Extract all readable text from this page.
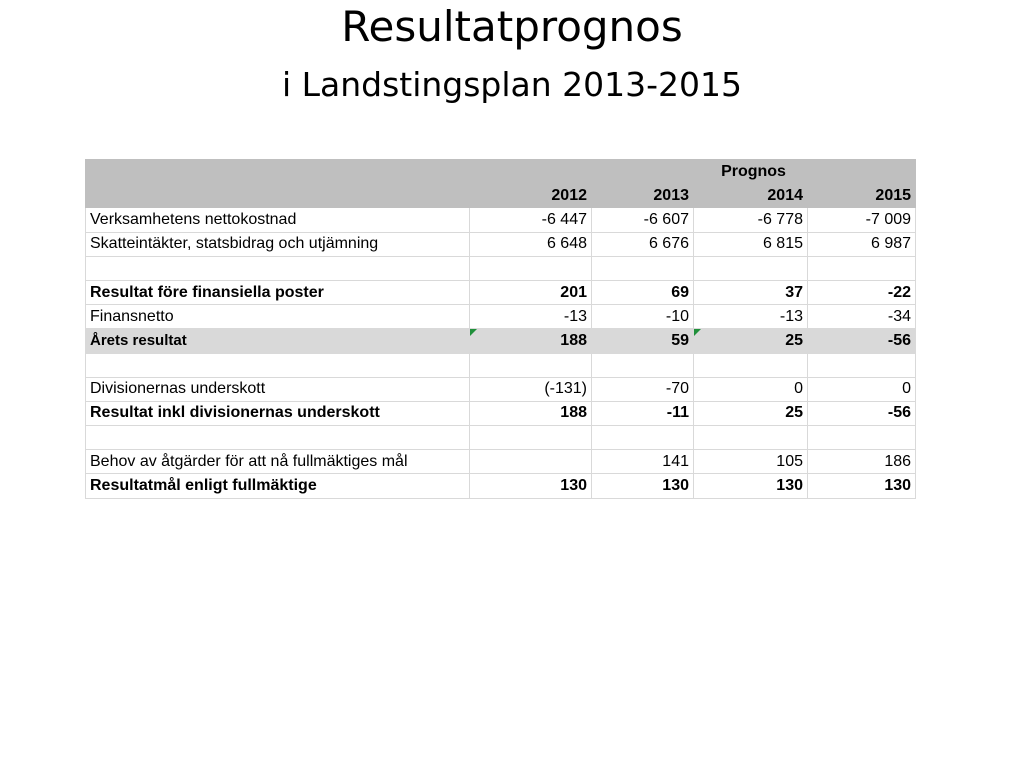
Resultatprognos
i Landstingsplan 2013-2015
		Prognos		
	2012	2013	2014	2015
Verksamhetens nettokostnad	-6 447	-6 607	-6 778	-7 009
Skatteintäkter, statsbidrag och utjämning	6 648	6 676	6 815	6 987

Resultat före finansiella poster	201	69	37	-22
Finansnetto	-13	-10	-13	-34
Årets resultat	188	59	25	-56

Divisionernas underskott	(-131)	-70	0	0
Resultat inkl divisionernas underskott	188	-11	25	-56

Behov av åtgärder för att nå fullmäktiges mål		141	105	186
Resultatmål enligt fullmäktige	130	130	130	130
